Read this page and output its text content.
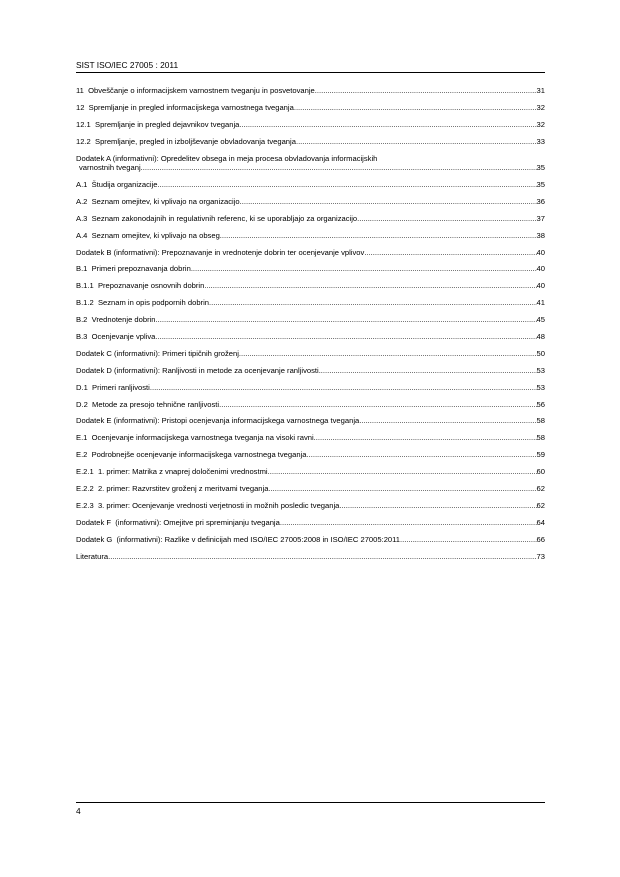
SIST ISO/IEC 27005 : 2011
11  Obveščanje o informacijskem varnostnem tveganju in posvetovanje .....	31
12  Spremljanje in pregled informacijskega varnostnega tveganja .....	32
12.1  Spremljanje in pregled dejavnikov tveganja .....	32
12.2  Spremljanje, pregled in izboljševanje obvladovanja tveganja .....	33
Dodatek A (informativni): Opredelitev obsega in meja procesa obvladovanja informacijskih
varnostnih tveganj .....	35
A.1  Študija organizacije .....	35
A.2  Seznam omejitev, ki vplivajo na organizacijo .....	36
A.3  Seznam zakonodajnih in regulativnih referenc, ki se uporabljajo za organizacijo .....	37
A.4  Seznam omejitev, ki vplivajo na obseg .....	38
Dodatek B (informativni): Prepoznavanje in vrednotenje dobrin ter ocenjevanje vplivov .....	40
B.1  Primeri prepoznavanja dobrin .....	40
B.1.1  Prepoznavanje osnovnih dobrin .....	40
B.1.2  Seznam in opis podpornih dobrin .....	41
B.2  Vrednotenje dobrin .....	45
B.3  Ocenjevanje vpliva .....	48
Dodatek C (informativni): Primeri tipičnih groženj .....	50
Dodatek D (informativni): Ranljivosti in metode za ocenjevanje ranljivosti .....	53
D.1  Primeri ranljivosti .....	53
D.2  Metode za presojo tehnične ranljivosti .....	56
Dodatek E (informativni): Pristopi ocenjevanja informacijskega varnostnega tveganja .....	58
E.1  Ocenjevanje informacijskega varnostnega tveganja na visoki ravni .....	58
E.2  Podrobnejše ocenjevanje informacijskega varnostnega tveganja .....	59
E.2.1  1. primer: Matrika z vnaprej določenimi vrednostmi .....	60
E.2.2  2. primer: Razvrstitev groženj z meritvami tveganja .....	62
E.2.3  3. primer: Ocenjevanje vrednosti verjetnosti in možnih posledic tveganja .....	62
Dodatek F  (informativni): Omejitve pri spreminjanju tveganja .....	64
Dodatek G  (informativni): Razlike v definicijah med ISO/IEC 27005:2008 in ISO/IEC 27005:2011 .....	66
Literatura .....	73
4
